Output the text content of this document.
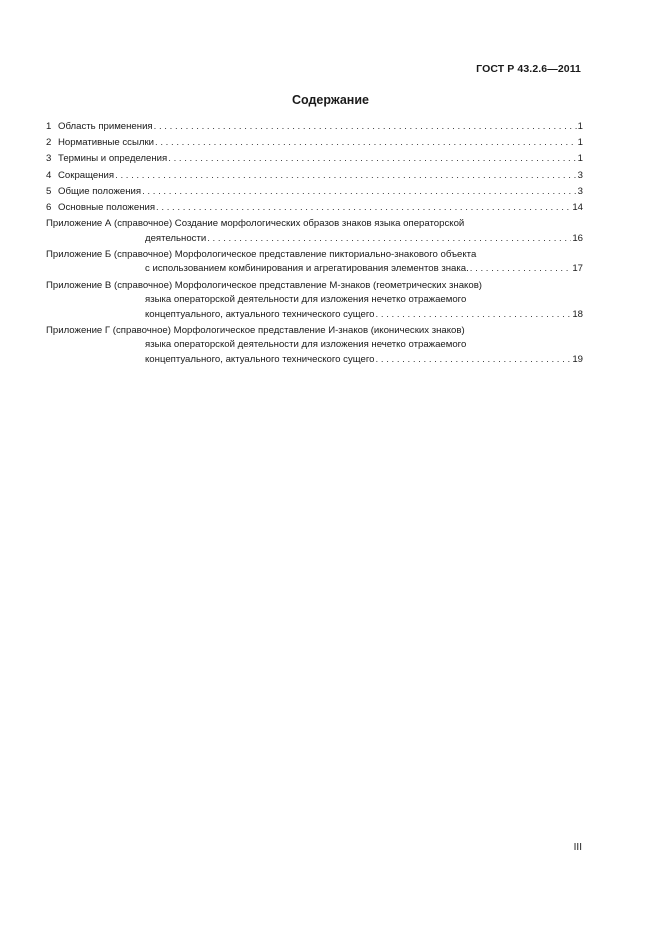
ГОСТ Р 43.2.6—2011
Содержание
1 Область применения . . .	1
2 Нормативные ссылки . . .	1
3 Термины и определения . . .	1
4 Сокращения . . .	3
5 Общие положения . . .	3
6 Основные положения . . .	14
Приложение А (справочное) Создание морфологических образов знаков языка операторской
деятельности . . .	16
Приложение Б (справочное) Морфологическое представление пикториально-знакового объекта
с использованием комбинирования и агрегатирования элементов знака. . . .	17
Приложение В (справочное) Морфологическое представление М-знаков (геометрических знаков)
языка операторской деятельности для изложения нечетко отражаемого
концептуального, актуального технического сущего . . .	18
Приложение Г (справочное) Морфологическое представление И-знаков (иконических знаков)
языка операторской деятельности для изложения нечетко отражаемого
концептуального, актуального технического сущего . . .	19
III
